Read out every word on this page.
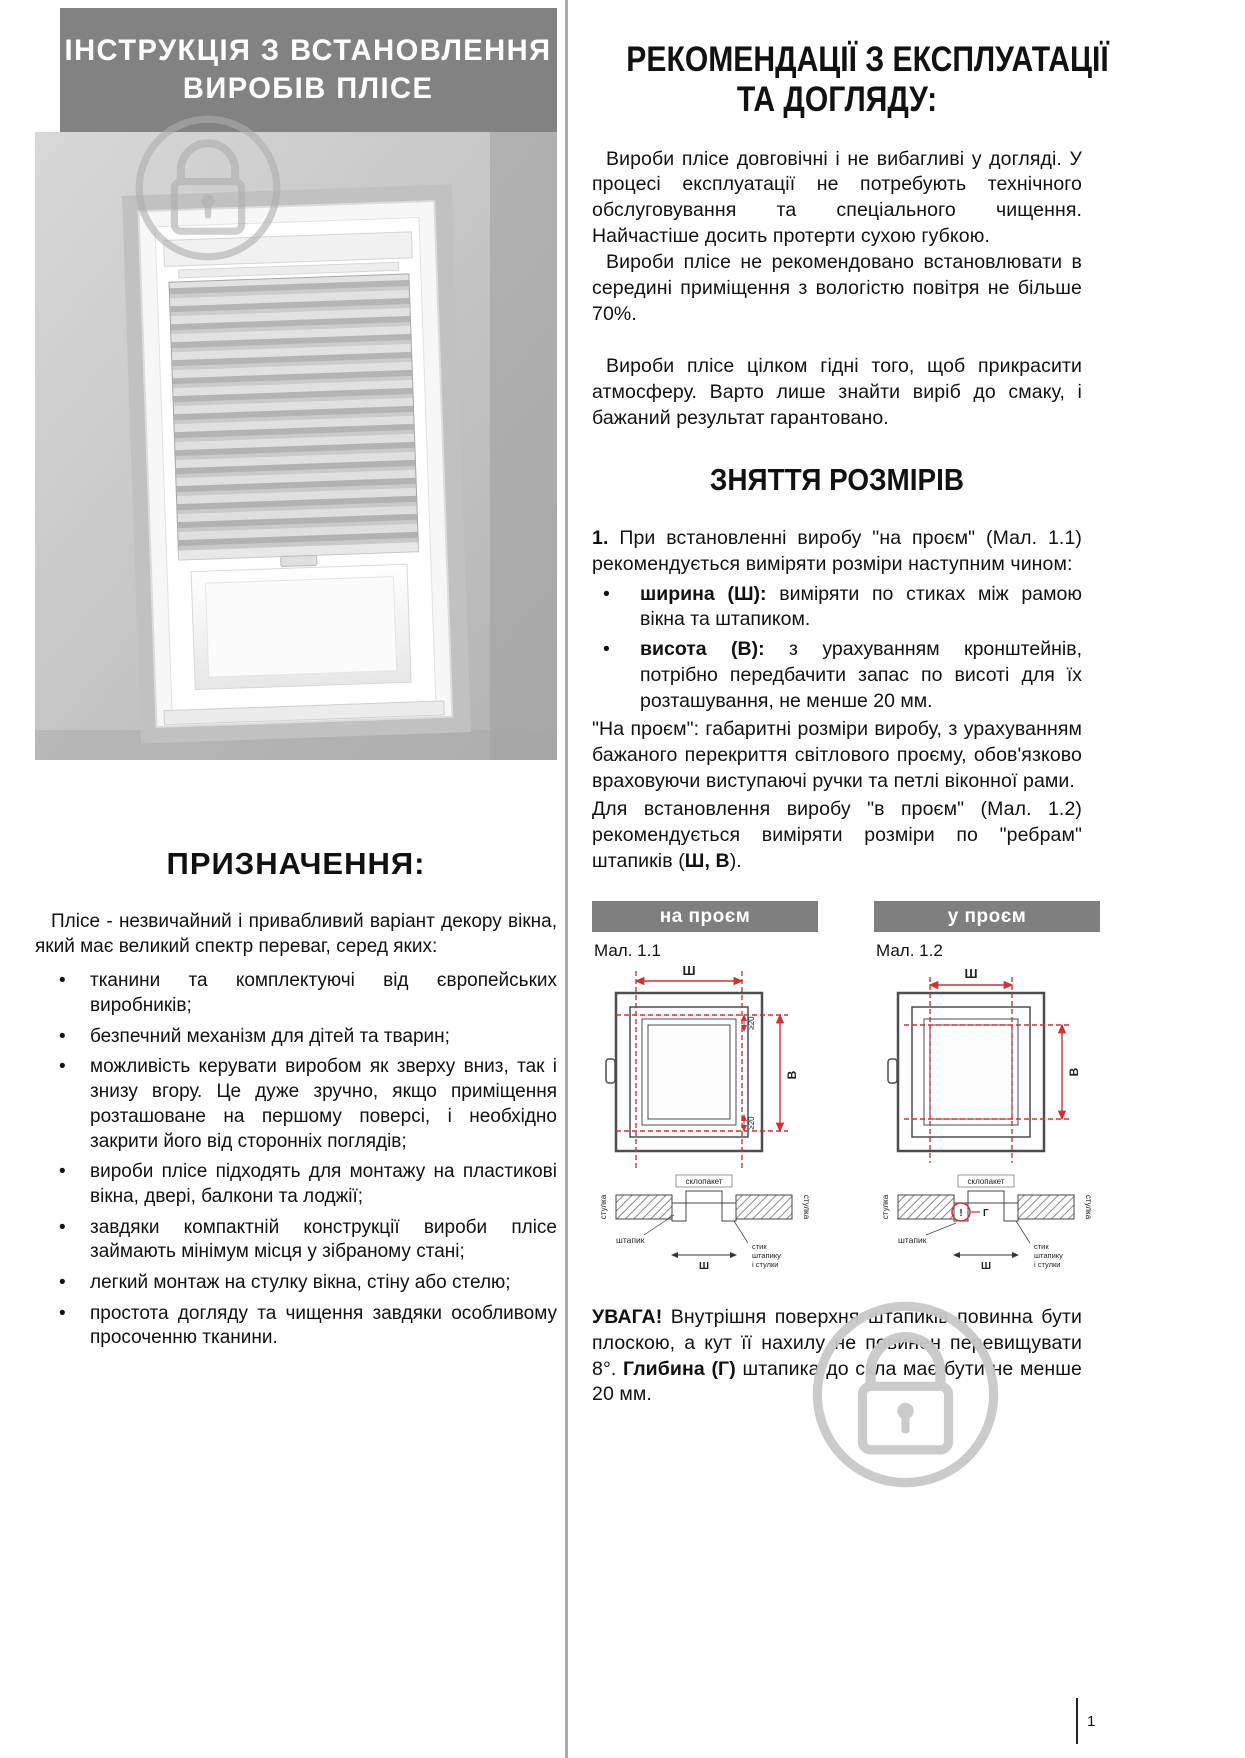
ІНСТРУКЦІЯ З ВСТАНОВЛЕННЯ
ВИРОБІВ ПЛІСЕ
ПРИЗНАЧЕННЯ:

Плісе - незвичайний і привабливий варіант декору вікна, який має великий спектр переваг, серед яких:

• тканини та комплектуючі від європейських виробників;
• безпечний механізм для дітей та тварин;
• можливість керувати виробом як зверху вниз, так і знизу вгору. Це дуже зручно, якщо приміщення розташоване на першому поверсі, і необхідно закрити його від сторонніх поглядів;
• вироби плісе підходять для монтажу на пластикові вікна, двері, балкони та лоджії;
• завдяки компактній конструкції вироби плісе займають мінімум місця у зібраному стані;
• легкий монтаж на стулку вікна, стіну або стелю;
• простота догляду та чищення завдяки особливому просоченню тканини.
РЕКОМЕНДАЦІЇ З ЕКСПЛУАТАЦІЇ
ТА ДОГЛЯДУ:

Вироби плісе довговічні і не вибагливі у догляді. У процесі експлуатації не потребують технічного обслуговування та спеціального чищення. Найчастіше досить протерти сухою губкою.

Вироби плісе не рекомендовано встановлювати в середині приміщення з вологістю повітря не більше 70%.

Вироби плісе цілком гідні того, щоб прикрасити атмосферу. Варто лише знайти виріб до смаку, і бажаний результат гарантовано.

ЗНЯТТЯ РОЗМІРІВ

1. При встановленні виробу "на проєм" (Мал. 1.1) рекомендується виміряти розміри наступним чином:

• ширина (Ш): виміряти по стиках між рамою вікна та штапиком.
• висота (В): з урахуванням кронштейнів, потрібно передбачити запас по висоті для їх розташування, не менше 20 мм.

"На проєм": габаритні розміри виробу, з урахуванням бажаного перекриття світлового проєму, обов'язково враховуючи виступаючі ручки та петлі віконної рами.

Для встановлення виробу "в проєм" (Мал. 1.2) рекомендується виміряти розміри по "ребрам" штапиків (Ш, В).

на проєм
Мал. 1.1
Ш
В
≥20
≥20
стулка	стулка
склопакет
штапик
Ш
стик
штапику
і стулки
у проєм
Мал. 1.2
Ш
В
стулка	стулка
склопакет
! Г
штапик
Ш
стик
штапику
і стулки

УВАГА! Внутрішня поверхня штапиків повинна бути плоскою, а кут її нахилу не повинен перевищувати 8°. Глибина (Г) штапика до скла має бути не менше 20 мм.

1
